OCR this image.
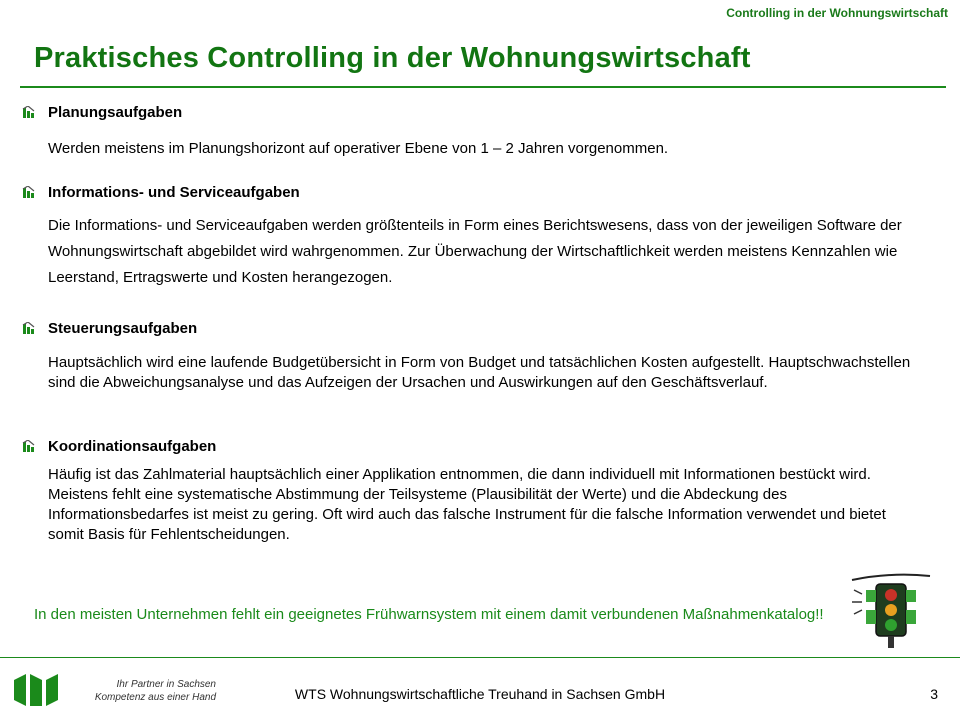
Controlling in der Wohnungswirtschaft
Praktisches Controlling in der Wohnungswirtschaft
Planungsaufgaben
Werden meistens im Planungshorizont auf operativer Ebene von 1 – 2 Jahren vorgenommen.
Informations- und Serviceaufgaben
Die Informations- und Serviceaufgaben werden größtenteils in Form eines Berichtswesens, dass von der jeweiligen Software der Wohnungswirtschaft abgebildet wird wahrgenommen. Zur Überwachung der Wirtschaftlichkeit werden meistens Kennzahlen wie Leerstand, Ertragswerte und Kosten herangezogen.
Steuerungsaufgaben
Hauptsächlich wird eine laufende Budgetübersicht in Form von Budget und tatsächlichen Kosten aufgestellt. Hauptschwachstellen sind die Abweichungsanalyse und das Aufzeigen der Ursachen und Auswirkungen auf den Geschäftsverlauf.
Koordinationsaufgaben
Häufig ist das Zahlmaterial hauptsächlich einer Applikation entnommen, die dann individuell mit Informationen bestückt wird. Meistens fehlt eine systematische Abstimmung der Teilsysteme (Plausibilität der Werte) und die Abdeckung des Informationsbedarfes ist meist zu gering. Oft wird auch das falsche Instrument für die falsche Information verwendet und bietet somit Basis für Fehlentscheidungen.
In den meisten Unternehmen fehlt ein geeignetes Frühwarnsystem mit einem damit verbundenen Maßnahmenkatalog!!
Ihr Partner in Sachsen
Kompetenz aus einer Hand	WTS Wohnungswirtschaftliche Treuhand in Sachsen GmbH	3
